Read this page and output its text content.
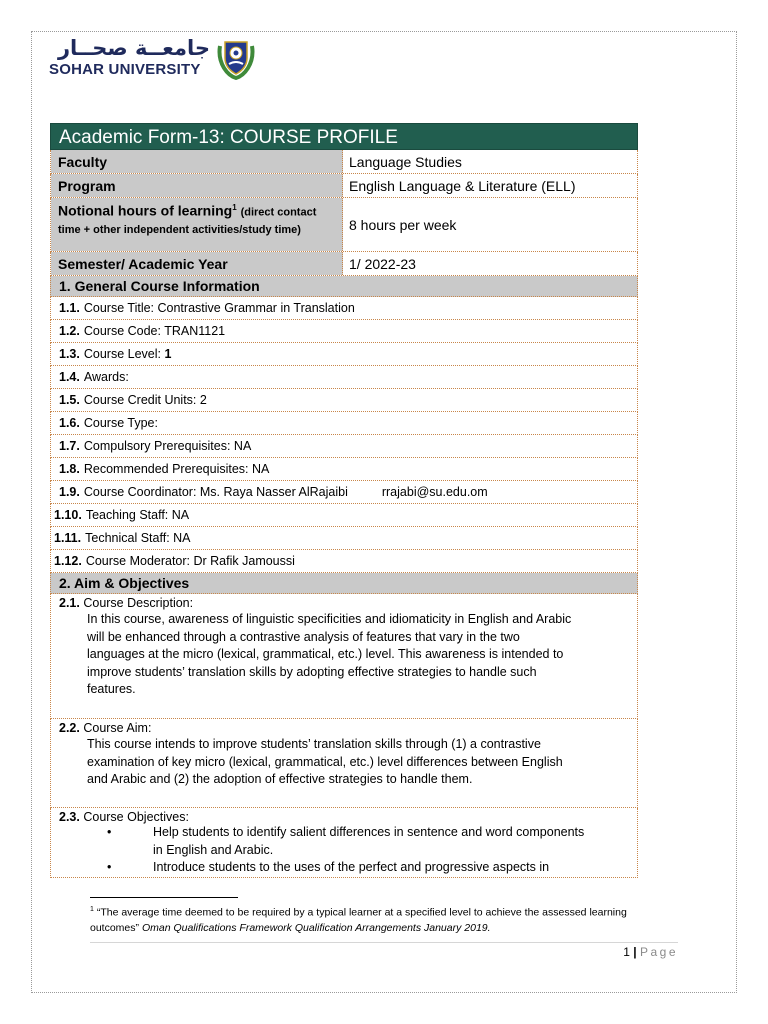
جامعــة صحــار
SOHAR UNIVERSITY
Academic Form-13: COURSE PROFILE
Faculty	Language Studies
Program	English Language & Literature (ELL)
Notional hours of learning$^1$ (direct contact time + other independent activities/study time)	8 hours per week
Semester/ Academic Year	1/ 2022-23
1. General Course Information
1.1. Course Title: Contrastive Grammar in Translation
1.2. Course Code: TRAN1121
1.3. Course Level: 1
1.4. Awards:
1.5. Course Credit Units: 2
1.6. Course Type:
1.7. Compulsory Prerequisites: NA
1.8. Recommended Prerequisites: NA
1.9. Course Coordinator: Ms. Raya Nasser AlRajaibi	rrajabi@su.edu.om
1.10. Teaching Staff: NA
1.11. Technical Staff: NA
1.12. Course Moderator: Dr Rafik Jamoussi
2. Aim & Objectives
2.1. Course Description:
In this course, awareness of linguistic specificities and idiomaticity in English and Arabic
will be enhanced through a contrastive analysis of features that vary in the two
languages at the micro (lexical, grammatical, etc.) level. This awareness is intended to
improve students’ translation skills by adopting effective strategies to handle such
features.
2.2. Course Aim:
This course intends to improve students’ translation skills through (1) a contrastive
examination of key micro (lexical, grammatical, etc.) level differences between English
and Arabic and (2) the adoption of effective strategies to handle them.
2.3. Course Objectives:
•	Help students to identify salient differences in sentence and word components
in English and Arabic.
•	Introduce students to the uses of the perfect and progressive aspects in
$^1$ “The average time deemed to be required by a typical learner at a specified level to achieve the assessed learning outcomes” Oman Qualifications Framework Qualification Arrangements January 2019.
1 | Page
